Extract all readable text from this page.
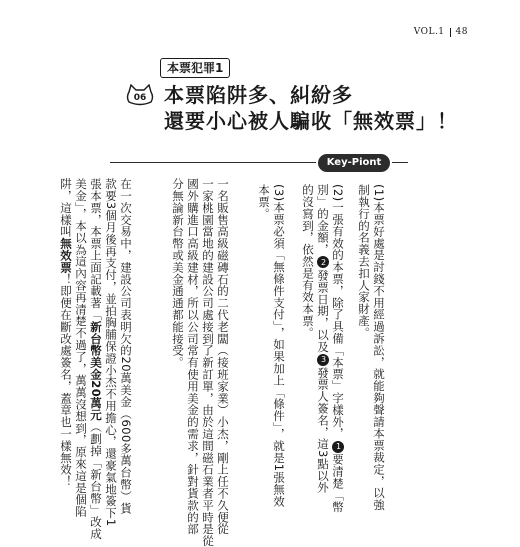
VOL.1 48
本票犯罪1
06 本票陷阱多、糾紛多
還要小心被人騙收「無效票」！
Key-Piont
(1)本票好處是討錢不用經過訴訟，就能夠聲請本票裁定，以強
制執行的名義去扣人家財產。
(2)一張有效的本票，除了具備「本票」字樣外，1要清楚「幣
別」的金額，2發票日期，以及3發票人簽名，這3點以外
的沒寫到，依然是有效本票。
(3)本票必須「無條件支付」，如果加上「條件」，就是1張無效
本票。
一名販售高級磁磚石的二代老闆（接班家業）小杰，剛上任不久便從
一家桃園當地的建設公司處接到了新訂單，由於這間磁石業者平時是從
國外購進口高級建材，所以公司常有使用美金的需求，針對貨款的部
分無論新台幣或美金通通都能接受。
在一次交易中，建設公司表明欠的20萬美金（600多萬台幣）貨
款要3個月後再支付，並拍胸脯保證小杰不用擔心，還豪氣地簽下1
張本票，本票上面記載著「新台幣美金20萬元（劃掉「新台幣」改成
美金」，本以為這內容再清楚不過了，萬萬沒想到，原來這是個陷
阱，這樣叫無效票！即便在斷改處簽名，蓋章也一樣無效！
